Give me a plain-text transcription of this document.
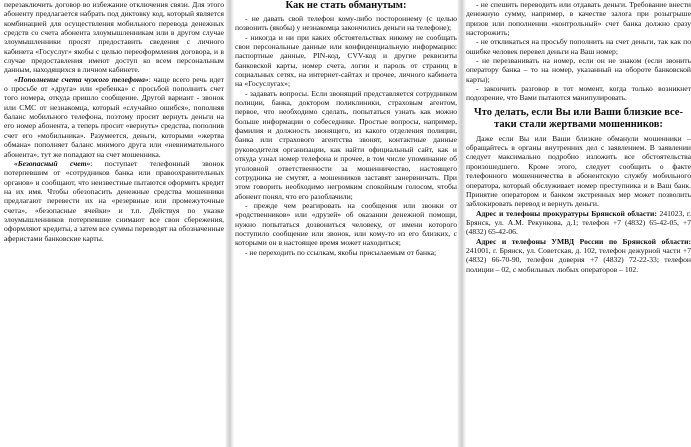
перезаключить договор во избежание отключения связи. Для этого абоненту предлагается набрать под диктовку код, который является комбинацией для осуществления мобильного перевода денежных средств со счета абонента злоумышленникам или в другом случае злоумышленники просят предоставить сведения с личного кабинета «Госуслуг» якобы с целью переоформления договора, и в случае предоставления имеют доступ ко всем персональным данным, находящихся в личном кабинете.

«Пополнение счета чужого телефона»: чаще всего речь идет о просьбе от «друга» или «ребенка» с просьбой пополнить счет того номера, откуда пришло сообщение. Другой вариант - звонок или СМС от незнакомца, который «случайно ошибся», пополняя баланс мобильного телефона, поэтому просит вернуть деньги на его номер абонента, а теперь просит «вернуть» средства, пополнив счет его «мобильника». Разумеется, деньги, которыми «жертва обмана» пополняет баланс мнимого друга или «невнимательного абонента», тут же попадают на счет мошенника.

«Безопасный счет»: поступает телефонный звонок потерпевшим от «сотрудников банка или правоохранительных органов» и сообщают, что неизвестные пытаются оформить кредит на их имя. Чтобы обезопасить денежные средства мошенники предлагают перевести их на «резервные или промежуточные счета», «безопасные ячейки» и т.п. Действуя по указке злоумышленников потерпевшие снимают все свои сбережения, оформляют кредиты, а затем все суммы переводят на обозначенные аферистами банковские карты.

Как не стать обманутым:

- не давать свой телефон кому-либо постороннему (с целью позвонить (якобы) у незнакомца закончились деньги на телефоне);

- никогда и ни при каких обстоятельствах никому не сообщать свои персональные данные или конфиденциальную информацию: паспортные данные, PIN-код, CVV-код и другие реквизиты банковской карты, номер счета, логин и пароль от страниц в социальных сетях, на интернет-сайтах и прочее, личного кабинета на «Госуслугах»;

- задавать вопросы. Если звонящий представляется сотрудником полиции, банка, доктором поликлиники, страховым агентом, первое, что необходимо сделать, попытаться узнать как можно больше информации о собеседнике. Простые вопросы, например, фамилия и должность звонящего, из какого отделения полиции, банка или страхового агентства звонят, контактные данные руководителя организации, как найти официальный сайт, как и откуда узнал номер телефона и прочее, в том числе упоминание об уголовной ответственности за мошенничество, настоящего сотрудника не смутят, а мошенников заставят занервничать. При этом говорить необходимо негромким спокойным голосом, чтобы абонент понял, что его разоблачили;

- прежде чем реагировать на сообщения или звонки от «родственников» или «друзей» об оказании денежной помощи, нужно попытаться дозвониться человеку, от имени которого поступило сообщение или звонок, или кому-то из его близких, с которыми он в настоящее время может находиться;

- не переходить по ссылкам, якобы присылаемым от банка;

- не спешить переводить или отдавать деньги. Требование внести денежную сумму, например, в качестве залога при розыгрыше призов или пополнении «контрольный» счет банка должно сразу насторожить;

- не откликаться на просьбу пополнить на счет деньги, так как по ошибке человек перевел деньги на Ваш номер;

- не перезванивать на номер, если он не знаком (если звонить оператору банка – то на номер, указанный на обороте банковской карты);

- закончить разговор в тот момент, когда только возникнет подозрение, что Вами пытаются манипулировать.

Что делать, если Вы или Ваши близкие все-таки стали жертвами мошенников:

Даже если Вы или Ваши близкие обманули мошенники – обращайтесь в органы внутренних дел с заявлением. В заявлении следует максимально подробно изложить все обстоятельства произошедшего. Кроме этого, следует сообщить о факте телефонного мошенничества в абонентскую службу мобильного оператора, который обслуживает номер преступника и в Ваш банк. Принятие оператором и банком экстренных мер может позволить заблокировать перевод и вернуть деньги.

Адрес и телефоны прокуратуры Брянской области: 241023, г. Брянск, ул. А.М. Рекункова, д.1; телефон +7 (4832) 65-42-05, +7 (4832) 65-42-06.

Адрес и телефоны УМВД России по Брянской области: 241001, г. Брянск, ул. Советская, д. 102, телефон дежурной части +7 (4832) 66-70-90, телефон доверия +7 (4832) 72-22-33; телефон полиции – 02, с мобильных любых операторов – 102.
